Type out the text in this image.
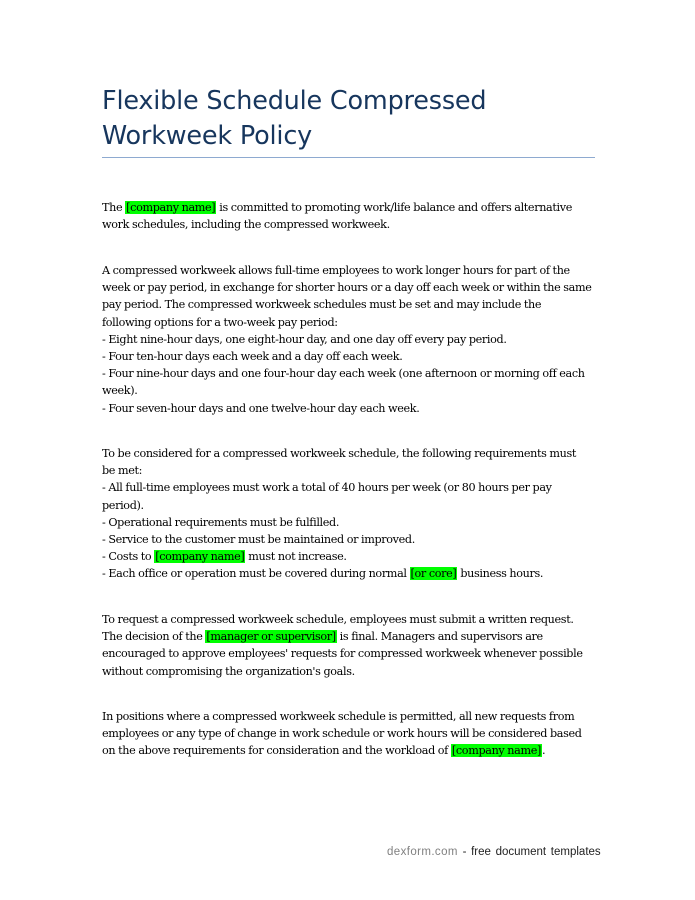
Flexible Schedule Compressed
Workweek Policy

The [company name] is committed to promoting work/life balance and offers alternative
work schedules, including the compressed workweek.

A compressed workweek allows full-time employees to work longer hours for part of the
week or pay period, in exchange for shorter hours or a day off each week or within the same
pay period. The compressed workweek schedules must be set and may include the
following options for a two-week pay period:
- Eight nine-hour days, one eight-hour day, and one day off every pay period.
- Four ten-hour days each week and a day off each week.
- Four nine-hour days and one four-hour day each week (one afternoon or morning off each
week).
- Four seven-hour days and one twelve-hour day each week.

To be considered for a compressed workweek schedule, the following requirements must
be met:
- All full-time employees must work a total of 40 hours per week (or 80 hours per pay
period).
- Operational requirements must be fulfilled.
- Service to the customer must be maintained or improved.
- Costs to [company name] must not increase.
- Each office or operation must be covered during normal [or core] business hours.

To request a compressed workweek schedule, employees must submit a written request.
The decision of the [manager or supervisor] is final. Managers and supervisors are
encouraged to approve employees' requests for compressed workweek whenever possible
without compromising the organization's goals.

In positions where a compressed workweek schedule is permitted, all new requests from
employees or any type of change in work schedule or work hours will be considered based
on the above requirements for consideration and the workload of [company name].

dexform.com - free document templates
